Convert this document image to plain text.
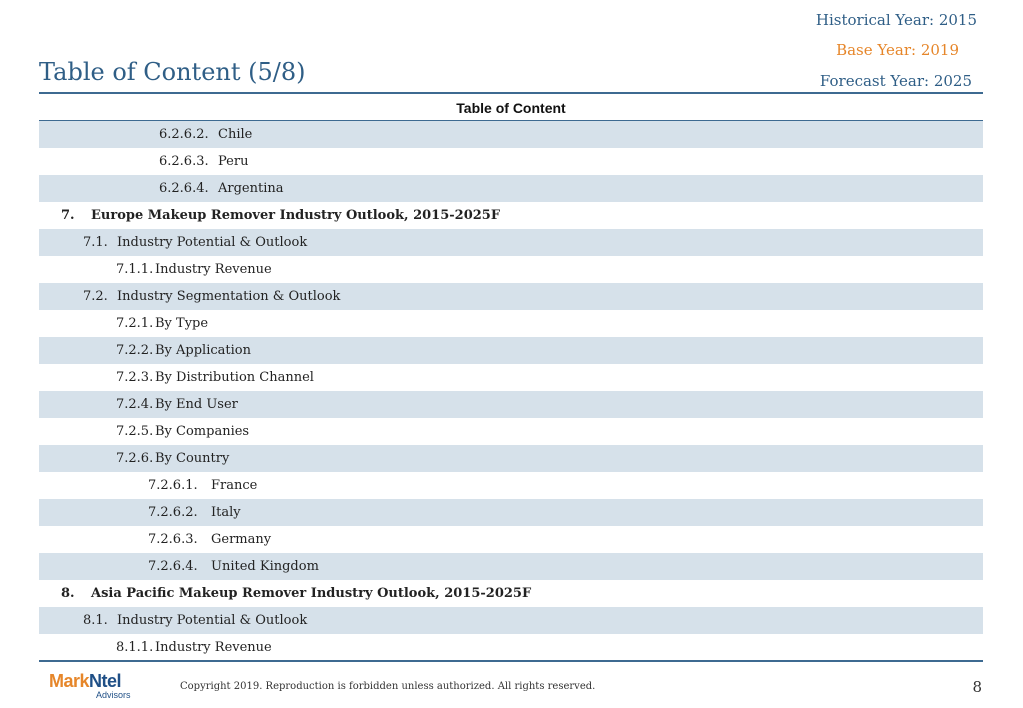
Historical Year: 2015
Base Year: 2019
Forecast Year: 2025
Table of Content (5/8)
Table of Content
6.2.6.2. Chile
6.2.6.3. Peru
6.2.6.4. Argentina
7. Europe Makeup Remover Industry Outlook, 2015-2025F
7.1. Industry Potential & Outlook
7.1.1. Industry Revenue
7.2. Industry Segmentation & Outlook
7.2.1. By Type
7.2.2. By Application
7.2.3. By Distribution Channel
7.2.4. By End User
7.2.5. By Companies
7.2.6. By Country
7.2.6.1. France
7.2.6.2. Italy
7.2.6.3. Germany
7.2.6.4. United Kingdom
8. Asia Pacific Makeup Remover Industry Outlook, 2015-2025F
8.1. Industry Potential & Outlook
8.1.1. Industry Revenue
MarkNtel
Advisors
Copyright 2019. Reproduction is forbidden unless authorized. All rights reserved.	8
